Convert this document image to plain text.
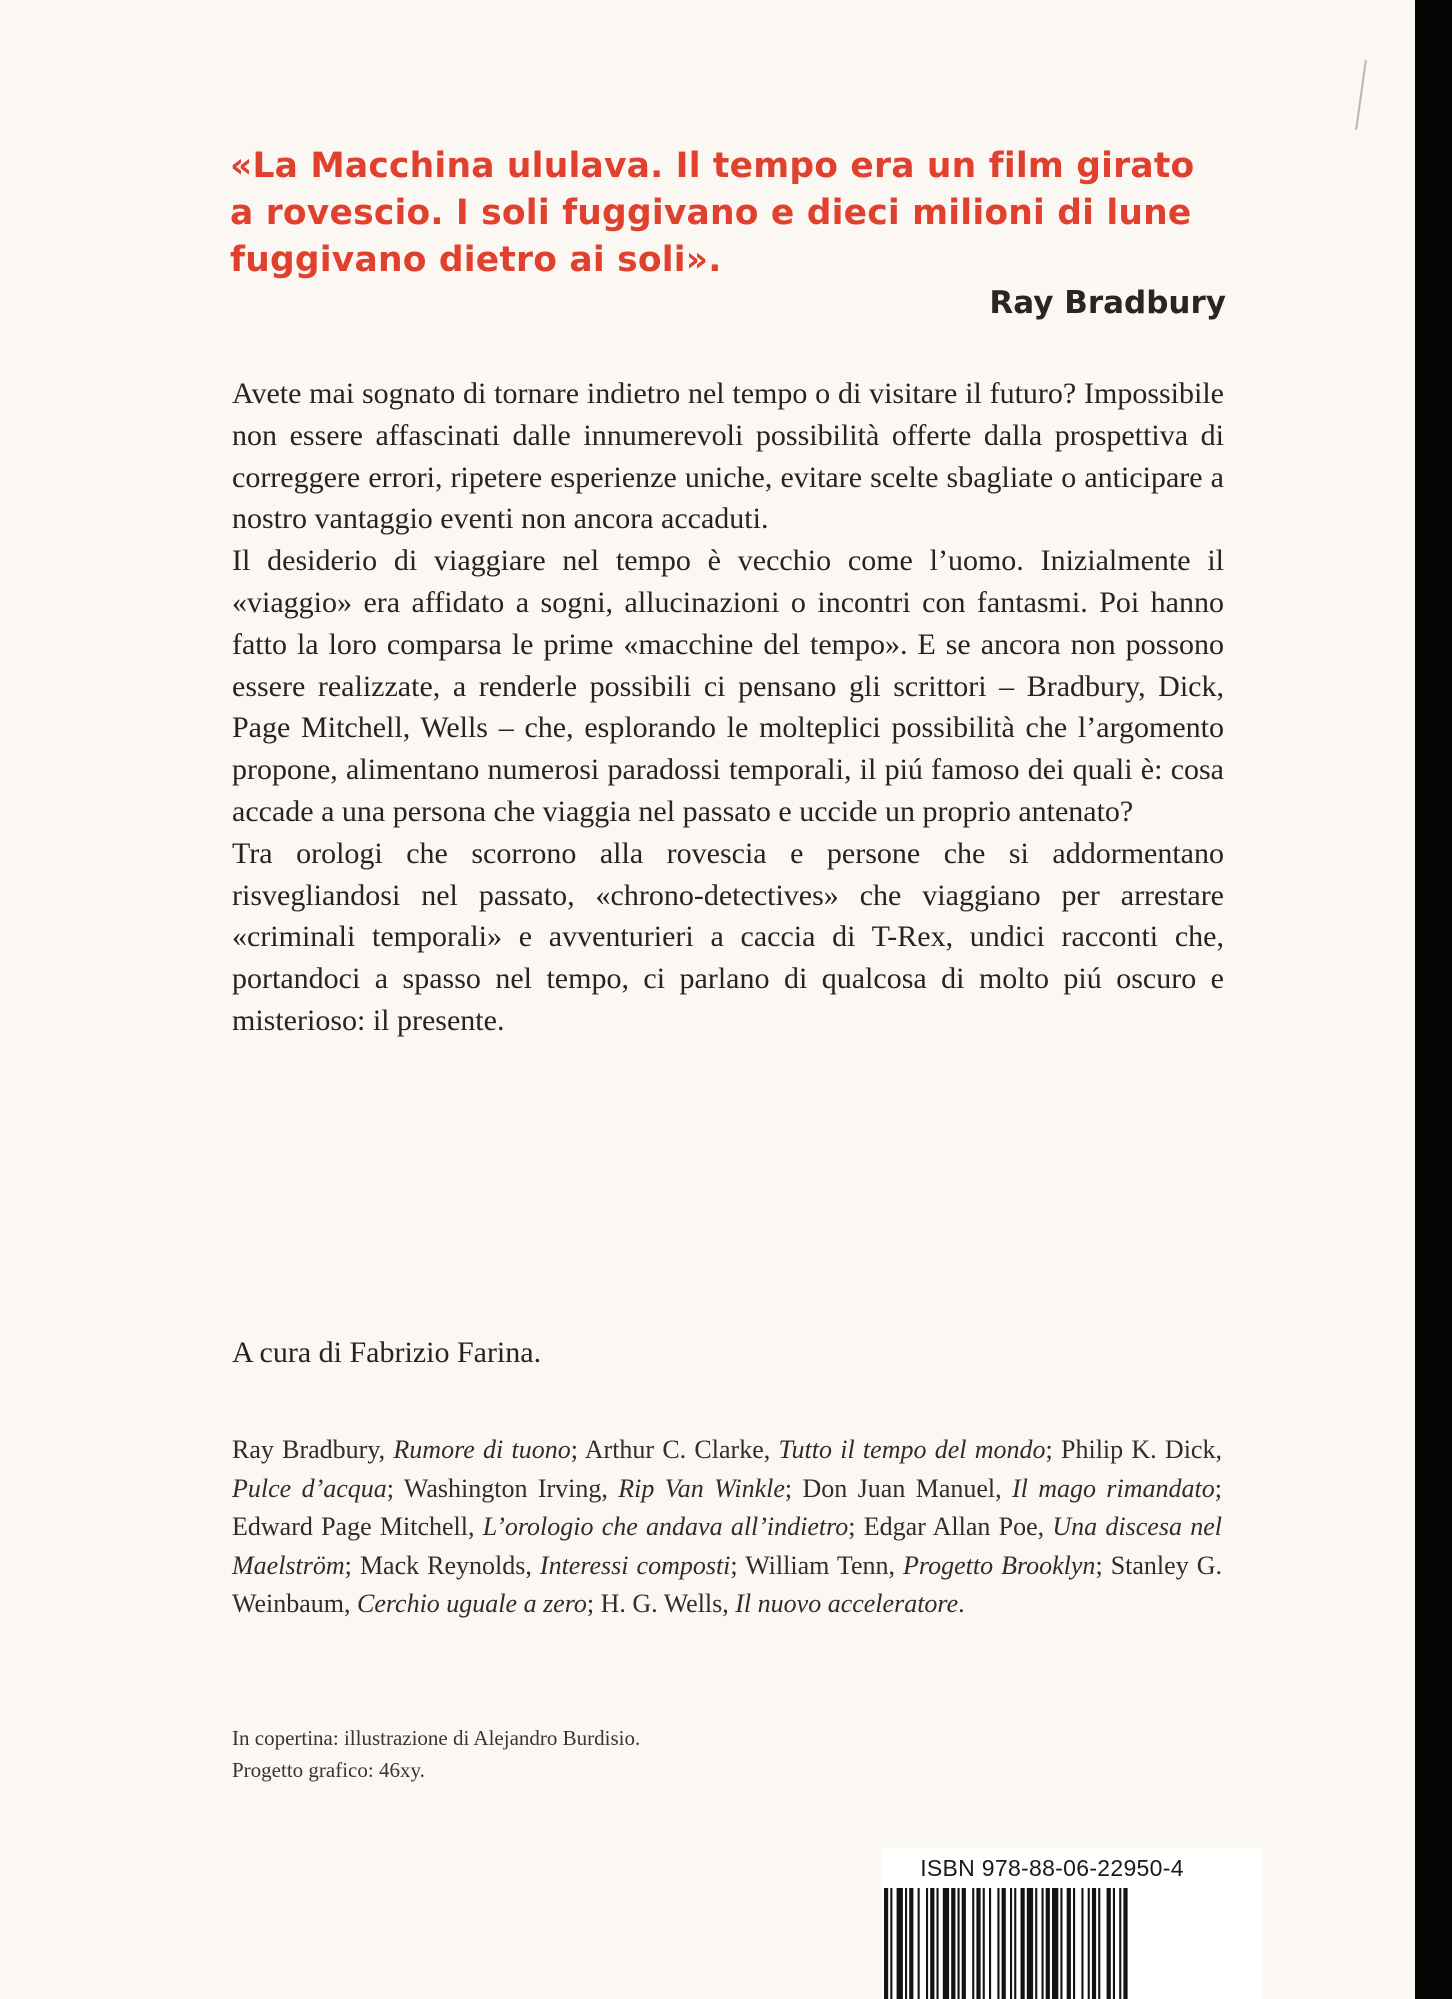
«La Macchina ululava. Il tempo era un film girato
a rovescio. I soli fuggivano e dieci milioni di lune
fuggivano dietro ai soli».
Ray Bradbury

Avete mai sognato di tornare indietro nel tempo o di visitare il futuro? Impossibile non essere affascinati dalle innumerevoli possibilità offerte dalla prospettiva di correggere errori, ripetere esperienze uniche, evitare scelte sbagliate o anticipare a nostro vantaggio eventi non ancora accaduti.

Il desiderio di viaggiare nel tempo è vecchio come l’uomo. Inizialmente il «viaggio» era affidato a sogni, allucinazioni o incontri con fantasmi. Poi hanno fatto la loro comparsa le prime «macchine del tempo». E se ancora non possono essere realizzate, a renderle possibili ci pensano gli scrittori – Bradbury, Dick, Page Mitchell, Wells – che, esplorando le molteplici possibilità che l’argomento propone, alimentano numerosi paradossi temporali, il piú famoso dei quali è: cosa accade a una persona che viaggia nel passato e uccide un proprio antenato?

Tra orologi che scorrono alla rovescia e persone che si addormentano risvegliandosi nel passato, «chrono-detectives» che viaggiano per arrestare «criminali temporali» e avventurieri a caccia di T-Rex, undici racconti che, portandoci a spasso nel tempo, ci parlano di qualcosa di molto piú oscuro e misterioso: il presente.

A cura di Fabrizio Farina.
Ray Bradbury, Rumore di tuono; Arthur C. Clarke, Tutto il tempo del mondo; Philip K. Dick, Pulce d’acqua; Washington Irving, Rip Van Winkle; Don Juan Manuel, Il mago rimandato; Edward Page Mitchell, L’orologio che andava all’indietro; Edgar Allan Poe, Una discesa nel Maelström; Mack Reynolds, Interessi composti; William Tenn, Progetto Brooklyn; Stanley G. Weinbaum, Cerchio uguale a zero; H. G. Wells, Il nuovo acceleratore.
In copertina: illustrazione di Alejandro Burdisio.
Progetto grafico: 46xy.
ISBN 978-88-06-22950-4
